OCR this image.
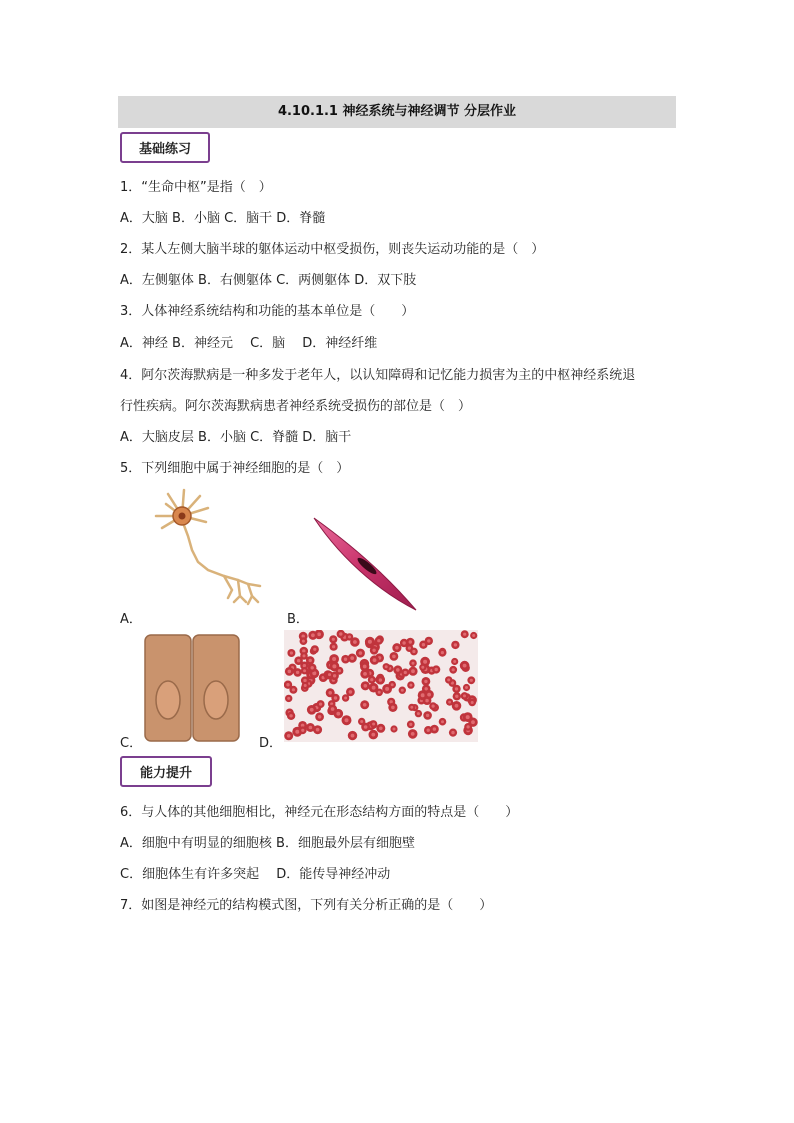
4.10.1.1 神经系统与神经调节 分层作业
基础练习
1．“生命中枢”是指（　）
A．大脑 B．小脑 C．脑干 D．脊髓
2．某人左侧大脑半球的躯体运动中枢受损伤，则丧失运动功能的是（　）
A．左侧躯体 B．右侧躯体 C．两侧躯体 D．双下肢
3．人体神经系统结构和功能的基本单位是（　　）
A．神经 B．神经元　 C．脑　 D．神经纤维
4．阿尔茨海默病是一种多发于老年人，以认知障碍和记忆能力损害为主的中枢神经系统退
行性疾病。阿尔茨海默病患者神经系统受损伤的部位是（　）
A．大脑皮层 B．小脑 C．脊髓 D．脑干
5．下列细胞中属于神经细胞的是（　）
A．	B．
C．	D．
能力提升
6．与人体的其他细胞相比，神经元在形态结构方面的特点是（　　）
A．细胞中有明显的细胞核 B．细胞最外层有细胞壁
C．细胞体生有许多突起　 D．能传导神经冲动
7．如图是神经元的结构模式图，下列有关分析正确的是（　　）
